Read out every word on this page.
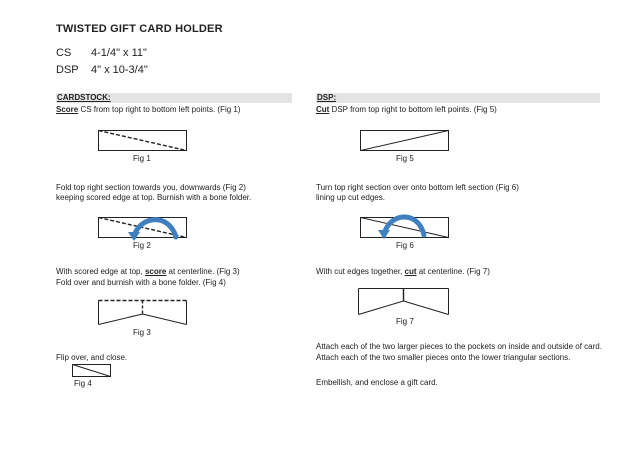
TWISTED GIFT CARD HOLDER
CS 4-1/4" x 11"
DSP 4" x 10-3/4"
CARDSTOCK:
Score CS from top right to bottom left points. (Fig 1)
Fig 1
Fold top right section towards you, downwards (Fig 2)
keeping scored edge at top. Burnish with a bone folder.
Fig 2
With scored edge at top, score at centerline. (Fig 3)
Fold over and burnish with a bone folder. (Fig 4)
Fig 3
Flip over, and close.
Fig 4
DSP:
Cut DSP from top right to bottom left points. (Fig 5)
Fig 5
Turn top right section over onto bottom left section (Fig 6)
lining up cut edges.
Fig 6
With cut edges together, cut at centerline. (Fig 7)
Fig 7
Attach each of the two larger pieces to the pockets on inside and outside of card.
Attach each of the two smaller pieces onto the lower triangular sections.
Embellish, and enclose a gift card.
